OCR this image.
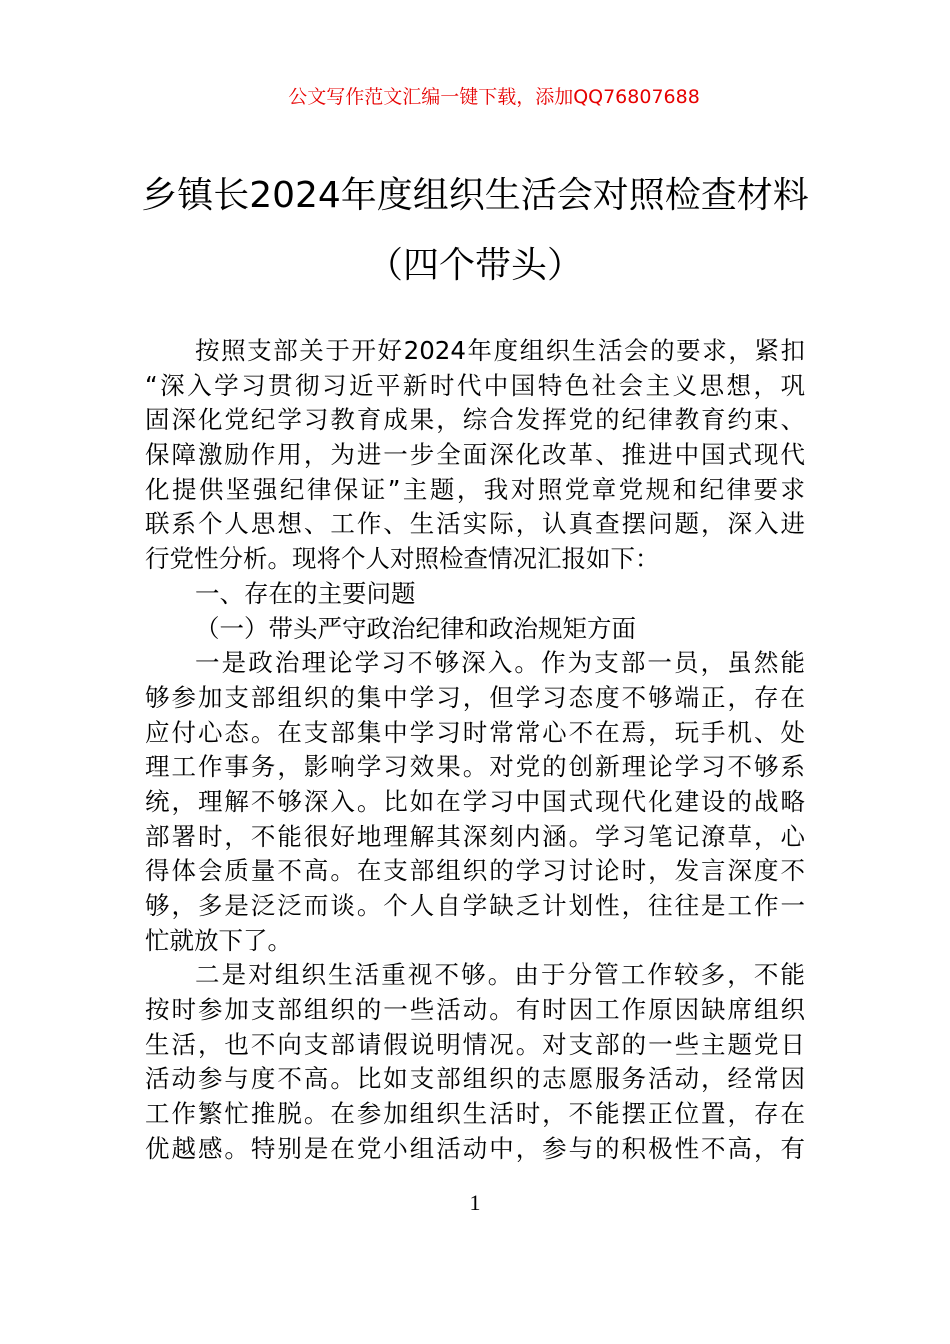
公文写作范文汇编一键下载，添加QQ76807688
乡镇长2024年度组织生活会对照检查材料
（四个带头）
按照支部关于开好2024年度组织生活会的要求，紧扣
“深入学习贯彻习近平新时代中国特色社会主义思想，巩
固深化党纪学习教育成果，综合发挥党的纪律教育约束、
保障激励作用，为进一步全面深化改革、推进中国式现代
化提供坚强纪律保证”主题，我对照党章党规和纪律要求
联系个人思想、工作、生活实际，认真查摆问题，深入进
行党性分析。现将个人对照检查情况汇报如下：
一、存在的主要问题
（一）带头严守政治纪律和政治规矩方面
一是政治理论学习不够深入。作为支部一员，虽然能
够参加支部组织的集中学习，但学习态度不够端正，存在
应付心态。在支部集中学习时常常心不在焉，玩手机、处
理工作事务，影响学习效果。对党的创新理论学习不够系
统，理解不够深入。比如在学习中国式现代化建设的战略
部署时，不能很好地理解其深刻内涵。学习笔记潦草，心
得体会质量不高。在支部组织的学习讨论时，发言深度不
够，多是泛泛而谈。个人自学缺乏计划性，往往是工作一
忙就放下了。
二是对组织生活重视不够。由于分管工作较多，不能
按时参加支部组织的一些活动。有时因工作原因缺席组织
生活，也不向支部请假说明情况。对支部的一些主题党日
活动参与度不高。比如支部组织的志愿服务活动，经常因
工作繁忙推脱。在参加组织生活时，不能摆正位置，存在
优越感。特别是在党小组活动中，参与的积极性不高，有
1
